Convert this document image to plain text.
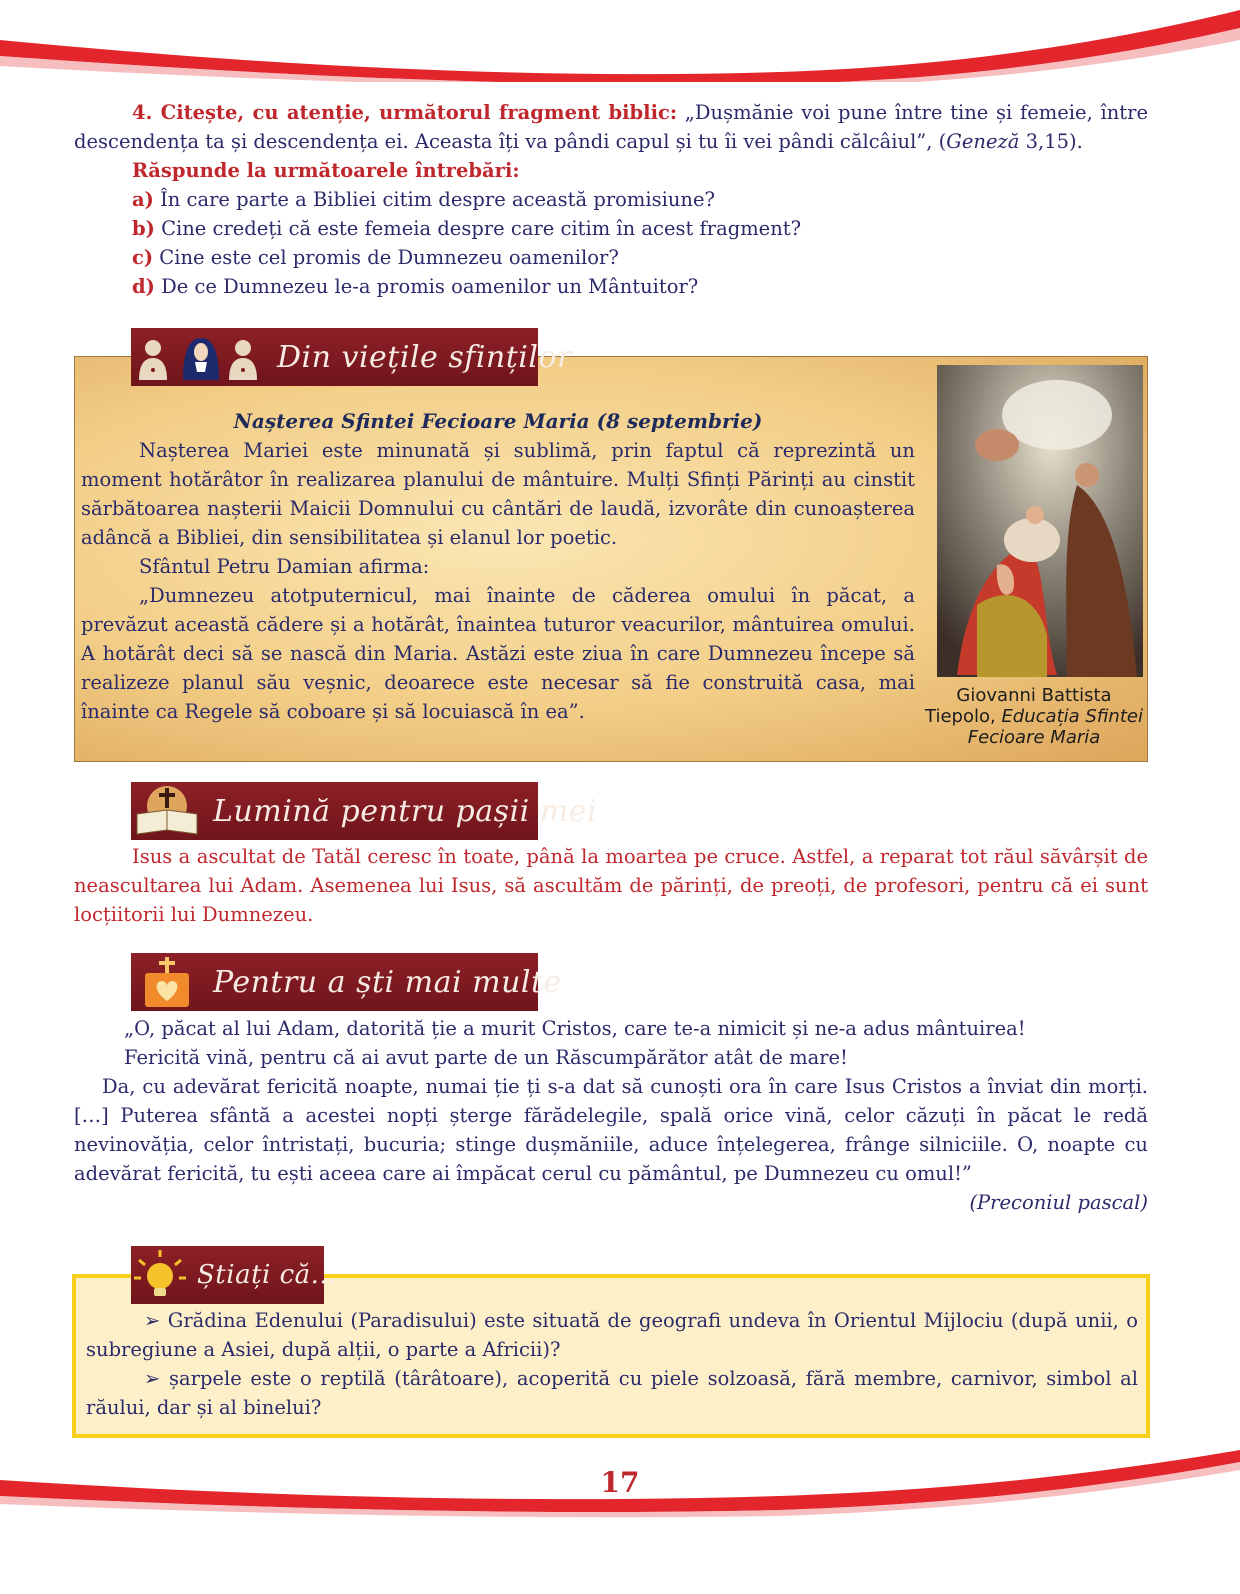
4. Citește, cu atenție, următorul fragment biblic: „Dușmănie voi pune între tine și femeie, între descendența ta și descendența ei. Aceasta îți va pândi capul și tu îi vei pândi călcâiul”, (Geneză 3,15).

Răspunde la următoarele întrebări:

a) În care parte a Bibliei citim despre această promisiune?

b) Cine credeți că este femeia despre care citim în acest fragment?

c) Cine este cel promis de Dumnezeu oamenilor?

d) De ce Dumnezeu le-a promis oamenilor un Mântuitor?

Nașterea Sfintei Fecioare Maria (8 septembrie)

Nașterea Mariei este minunată și sublimă, prin faptul că reprezintă un moment hotărâtor în realizarea planului de mântuire. Mulți Sfinți Părinți au cinstit sărbătoarea nașterii Maicii Domnului cu cântări de laudă, izvorâte din cunoașterea adâncă a Bibliei, din sensibilitatea și elanul lor poetic.

Sfântul Petru Damian afirma:

„Dumnezeu atotputernicul, mai înainte de căderea omului în păcat, a prevăzut această cădere și a hotărât, înaintea tuturor veacurilor, mântuirea omului. A hotărât deci să se nască din Maria. Astăzi este ziua în care Dumnezeu începe să realizeze planul său veșnic, deoarece este necesar să fie construită casa, mai înainte ca Regele să coboare și să locuiască în ea”.

Giovanni Battista Tiepolo, Educația Sfintei Fecioare Maria
Din viețile sfinților
Lumină pentru pașii mei
Isus a ascultat de Tatăl ceresc în toate, până la moartea pe cruce. Astfel, a reparat tot răul săvârșit de neascultarea lui Adam. Asemenea lui Isus, să ascultăm de părinți, de preoți, de profesori, pentru că ei sunt locțiitorii lui Dumnezeu.
Pentru a ști mai multe

„O, păcat al lui Adam, datorită ție a murit Cristos, care te-a nimicit și ne-a adus mântuirea!

Fericită vină, pentru că ai avut parte de un Răscumpărător atât de mare!

Da, cu adevărat fericită noapte, numai ție ți s-a dat să cunoști ora în care Isus Cristos a înviat din morți. […] Puterea sfântă a acestei nopți șterge fărădelegile, spală orice vină, celor căzuți în păcat le redă nevinovăția, celor întristați, bucuria; stinge dușmăniile, aduce înțelegerea, frânge silniciile. O, noapte cu adevărat fericită, tu ești aceea care ai împăcat cerul cu pământul, pe Dumnezeu cu omul!”

(Preconiul pascal)

➢ Grădina Edenului (Paradisului) este situată de geografi undeva în Orientul Mijlociu (după unii, o subregiune a Asiei, după alții, o parte a Africii)?

➢ șarpele este o reptilă (târâtoare), acoperită cu piele solzoasă, fără membre, carnivor, simbol al răului, dar și al binelui?

Știați că...
17
